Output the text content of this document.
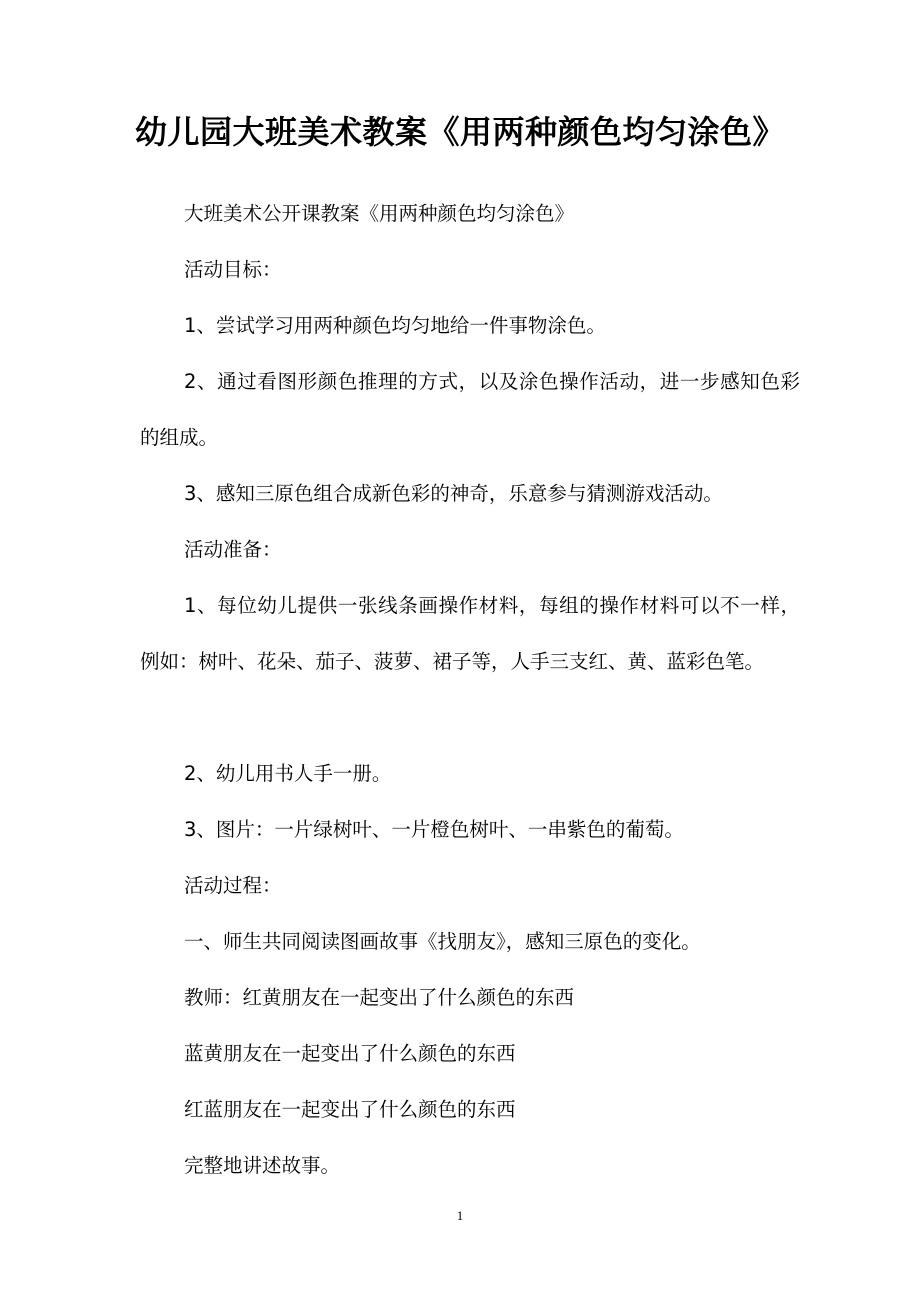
幼儿园大班美术教案《用两种颜色均匀涂色》
大班美术公开课教案《用两种颜色均匀涂色》
活动目标：
1、尝试学习用两种颜色均匀地给一件事物涂色。
2、通过看图形颜色推理的方式，以及涂色操作活动，进一步感知色彩的组成。
3、感知三原色组合成新色彩的神奇，乐意参与猜测游戏活动。
活动准备：
1、每位幼儿提供一张线条画操作材料，每组的操作材料可以不一样，例如：树叶、花朵、茄子、菠萝、裙子等，人手三支红、黄、蓝彩色笔。
2、幼儿用书人手一册。
3、图片：一片绿树叶、一片橙色树叶、一串紫色的葡萄。
活动过程：
一、师生共同阅读图画故事《找朋友》，感知三原色的变化。
教师：红黄朋友在一起变出了什么颜色的东西
蓝黄朋友在一起变出了什么颜色的东西
红蓝朋友在一起变出了什么颜色的东西
完整地讲述故事。
1
